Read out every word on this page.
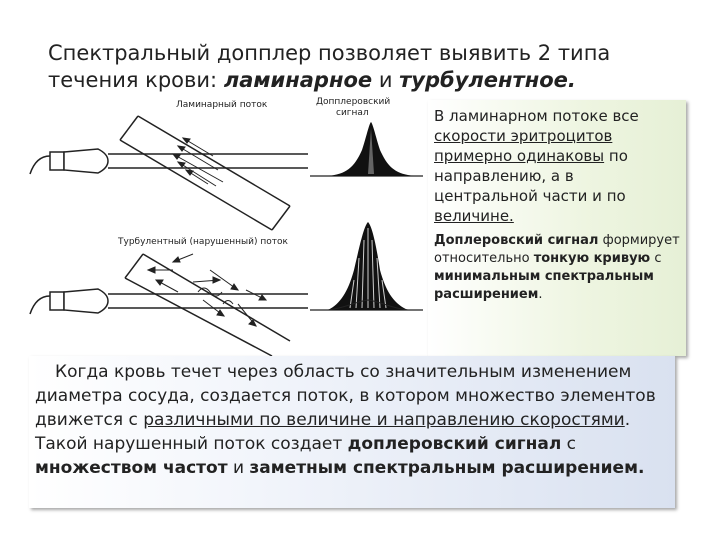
Спектральный допплер позволяет выявить 2 типа
течения крови: ламинарное и турбулентное.
Ламинарный поток	Допплеровский
сигнал
Турбулентный (нарушенный) поток
В ламинарном потоке все скорости эритроцитов примерно одинаковы по направлению, а в центральной части и по величине.
Доплеровский сигнал формирует относительно тонкую кривую с минимальным спектральным расширением.
Когда кровь течет через область со значительным изменением диаметра сосуда, создается поток, в котором множество элементов движется с различными по величине и направлению скоростями. Такой нарушенный поток создает доплеровский сигнал с множеством частот и заметным спектральным расширением.
